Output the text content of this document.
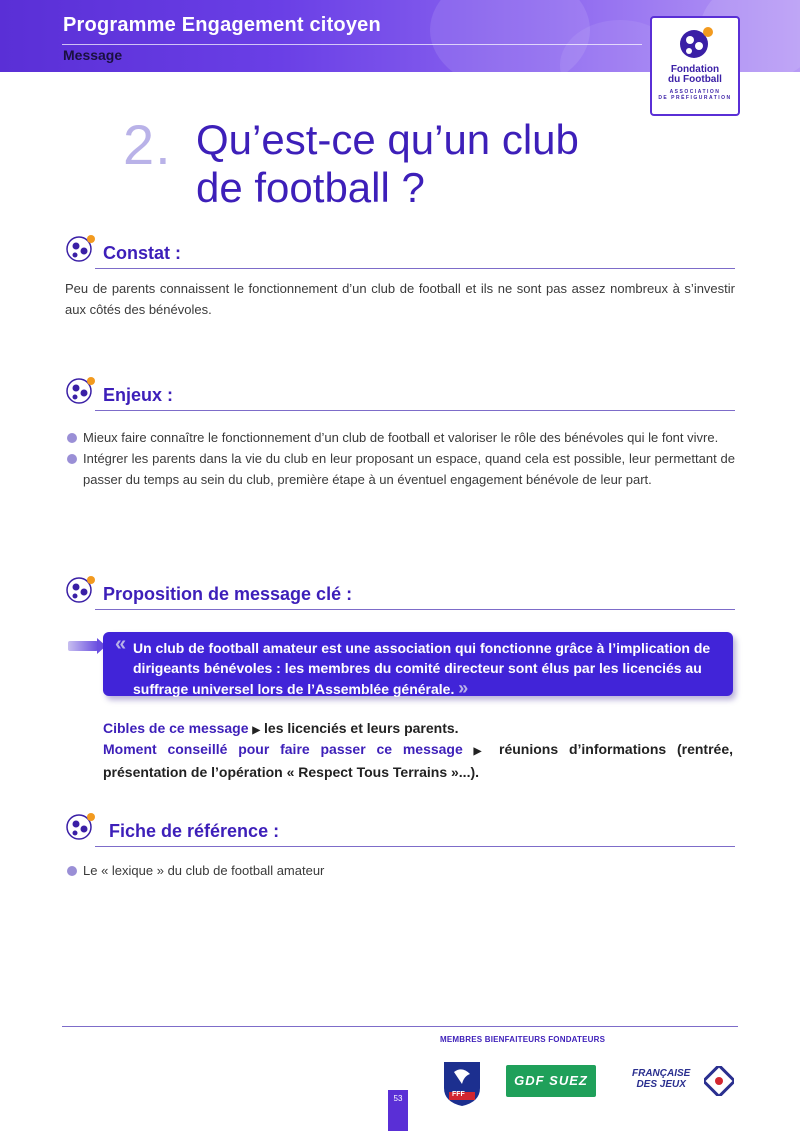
Programme Engagement citoyen
Message
Fondation
du Football
ASSOCIATION
DE PRÉFIGURATION
2. Qu’est-ce qu’un club
de football ?
Constat :

Peu de parents connaissent le fonctionnement d’un club de football et ils ne sont pas assez nombreux à s’investir aux côtés des bénévoles.

Enjeux :
Mieux faire connaître le fonctionnement d’un club de football et valoriser le rôle des bénévoles qui le font vivre.
Intégrer les parents dans la vie du club en leur proposant un espace, quand cela est possible, leur permettant de passer du temps au sein du club, première étape à un éventuel engagement bénévole de leur part.
Proposition de message clé :
« Un club de football amateur est une association qui fonctionne grâce à l’implication de dirigeants bénévoles : les membres du comité directeur sont élus par les licenciés au suffrage universel lors de l’Assemblée générale. »

Cibles de ce message ▶ les licenciés et leurs parents.

Moment conseillé pour faire passer ce message ▶ réunions d’informations (rentrée, présentation de l’opération « Respect Tous Terrains »...).

Fiche de référence :
Le « lexique » du club de football amateur
MEMBRES BIENFAITEURS FONDATEURS
53	FFF
GDF SUEZ	FRANÇAISE
DES JEUX
